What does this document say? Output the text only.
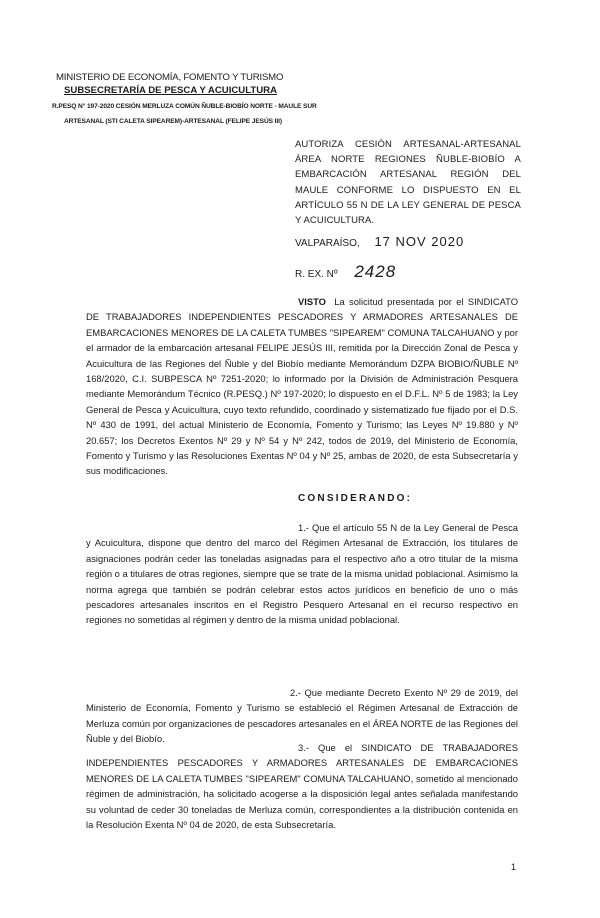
MINISTERIO DE ECONOMÍA, FOMENTO Y TURISMO
SUBSECRETARÍA DE PESCA Y ACUICULTURA
R.PESQ N° 197-2020 CESIÓN MERLUZA COMÚN ÑUBLE-BIOBÍO NORTE - MAULE SUR
ARTESANAL (STI CALETA SIPEAREM)-ARTESANAL (FELIPE JESÚS III)
AUTORIZA CESIÓN ARTESANAL-ARTESANAL ÁREA NORTE REGIONES ÑUBLE-BIOBÍO A EMBARCACIÓN ARTESANAL REGIÓN DEL MAULE CONFORME LO DISPUESTO EN EL ARTÍCULO 55 N DE LA LEY GENERAL DE PESCA Y ACUICULTURA.
VALPARAÍSO, 17 NOV 2020
R. EX. Nº 2428
VISTO La solicitud presentada por el SINDICATO DE TRABAJADORES INDEPENDIENTES PESCADORES Y ARMADORES ARTESANALES DE EMBARCACIONES MENORES DE LA CALETA TUMBES "SIPEAREM" COMUNA TALCAHUANO y por el armador de la embarcación artesanal FELIPE JESÚS III, remitida por la Dirección Zonal de Pesca y Acuicultura de las Regiones del Ñuble y del Biobío mediante Memorándum DZPA BIOBIO/ÑUBLE Nº 168/2020, C.I. SUBPESCA Nº 7251-2020; lo informado por la División de Administración Pesquera mediante Memorándum Técnico (R.PESQ.) Nº 197-2020; lo dispuesto en el D.F.L. Nº 5 de 1983; la Ley General de Pesca y Acuicultura, cuyo texto refundido, coordinado y sistematizado fue fijado por el D.S. Nº 430 de 1991, del actual Ministerio de Economía, Fomento y Turismo; las Leyes Nº 19.880 y Nº 20.657; los Decretos Exentos Nº 29 y Nº 54 y Nº 242, todos de 2019, del Ministerio de Economía, Fomento y Turismo y las Resoluciones Exentas Nº 04 y Nº 25, ambas de 2020, de esta Subsecretaría y sus modificaciones.
CONSIDERANDO:
1.- Que el artículo 55 N de la Ley General de Pesca y Acuicultura, dispone que dentro del marco del Régimen Artesanal de Extracción, los titulares de asignaciones podrán ceder las toneladas asignadas para el respectivo año a otro titular de la misma región o a titulares de otras regiones, siempre que se trate de la misma unidad poblacional. Asimismo la norma agrega que también se podrán celebrar estos actos jurídicos en beneficio de uno o más pescadores artesanales inscritos en el Registro Pesquero Artesanal en el recurso respectivo en regiones no sometidas al régimen y dentro de la misma unidad poblacional.
2.- Que mediante Decreto Exento Nº 29 de 2019, del Ministerio de Economía, Fomento y Turismo se estableció el Régimen Artesanal de Extracción de Merluza común por organizaciones de pescadores artesanales en el ÁREA NORTE de las Regiones del Ñuble y del Biobío.
3.- Que el SINDICATO DE TRABAJADORES INDEPENDIENTES PESCADORES Y ARMADORES ARTESANALES DE EMBARCACIONES MENORES DE LA CALETA TUMBES "SIPEAREM" COMUNA TALCAHUANO, sometido al mencionado régimen de administración, ha solicitado acogerse a la disposición legal antes señalada manifestando su voluntad de ceder 30 toneladas de Merluza común, correspondientes a la distribución contenida en la Resolución Exenta Nº 04 de 2020, de esta Subsecretaría.
1
